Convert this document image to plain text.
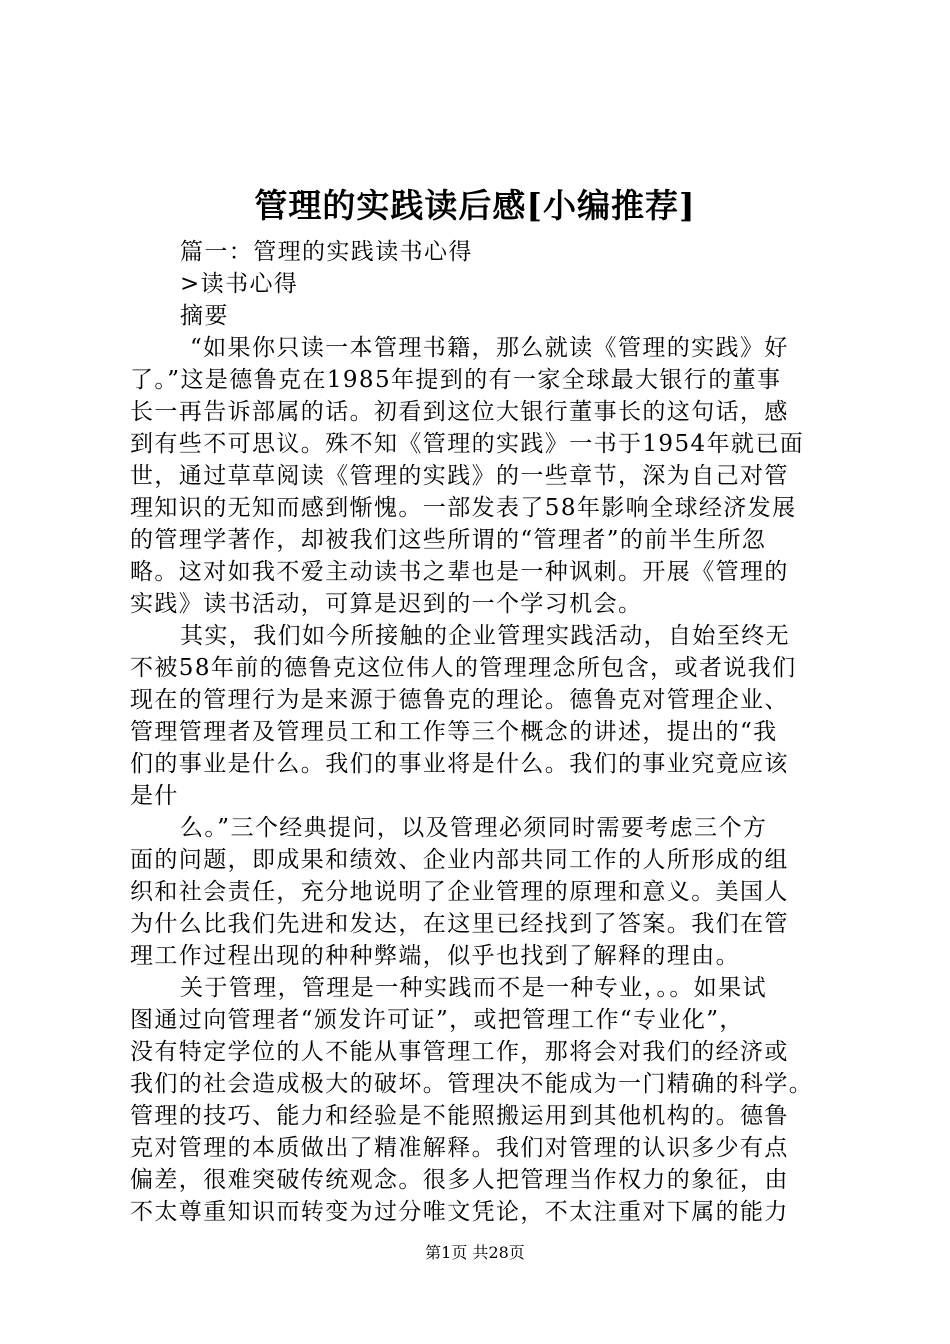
管理的实践读后感[小编推荐]
篇一：管理的实践读书心得
>读书心得
摘要
“如果你只读一本管理书籍，那么就读《管理的实践》好
了。”这是德鲁克在1985年提到的有一家全球最大银行的董事
长一再告诉部属的话。初看到这位大银行董事长的这句话，感
到有些不可思议。殊不知《管理的实践》一书于1954年就已面
世，通过草草阅读《管理的实践》的一些章节，深为自己对管
理知识的无知而感到惭愧。一部发表了58年影响全球经济发展
的管理学著作，却被我们这些所谓的“管理者”的前半生所忽
略。这对如我不爱主动读书之辈也是一种讽刺。开展《管理的
实践》读书活动，可算是迟到的一个学习机会。
其实，我们如今所接触的企业管理实践活动，自始至终无
不被58年前的德鲁克这位伟人的管理理念所包含，或者说我们
现在的管理行为是来源于德鲁克的理论。德鲁克对管理企业、
管理管理者及管理员工和工作等三个概念的讲述，提出的“我
们的事业是什么。我们的事业将是什么。我们的事业究竟应该
是什
么。”三个经典提问，以及管理必须同时需要考虑三个方
面的问题，即成果和绩效、企业内部共同工作的人所形成的组
织和社会责任，充分地说明了企业管理的原理和意义。美国人
为什么比我们先进和发达，在这里已经找到了答案。我们在管
理工作过程出现的种种弊端，似乎也找到了解释的理由。
关于管理，管理是一种实践而不是一种专业，。。如果试
图通过向管理者“颁发许可证”，或把管理工作“专业化”，
没有特定学位的人不能从事管理工作，那将会对我们的经济或
我们的社会造成极大的破坏。管理决不能成为一门精确的科学。
管理的技巧、能力和经验是不能照搬运用到其他机构的。德鲁
克对管理的本质做出了精准解释。我们对管理的认识多少有点
偏差，很难突破传统观念。很多人把管理当作权力的象征，由
不太尊重知识而转变为过分唯文凭论，不太注重对下属的能力
第1页 共28页
